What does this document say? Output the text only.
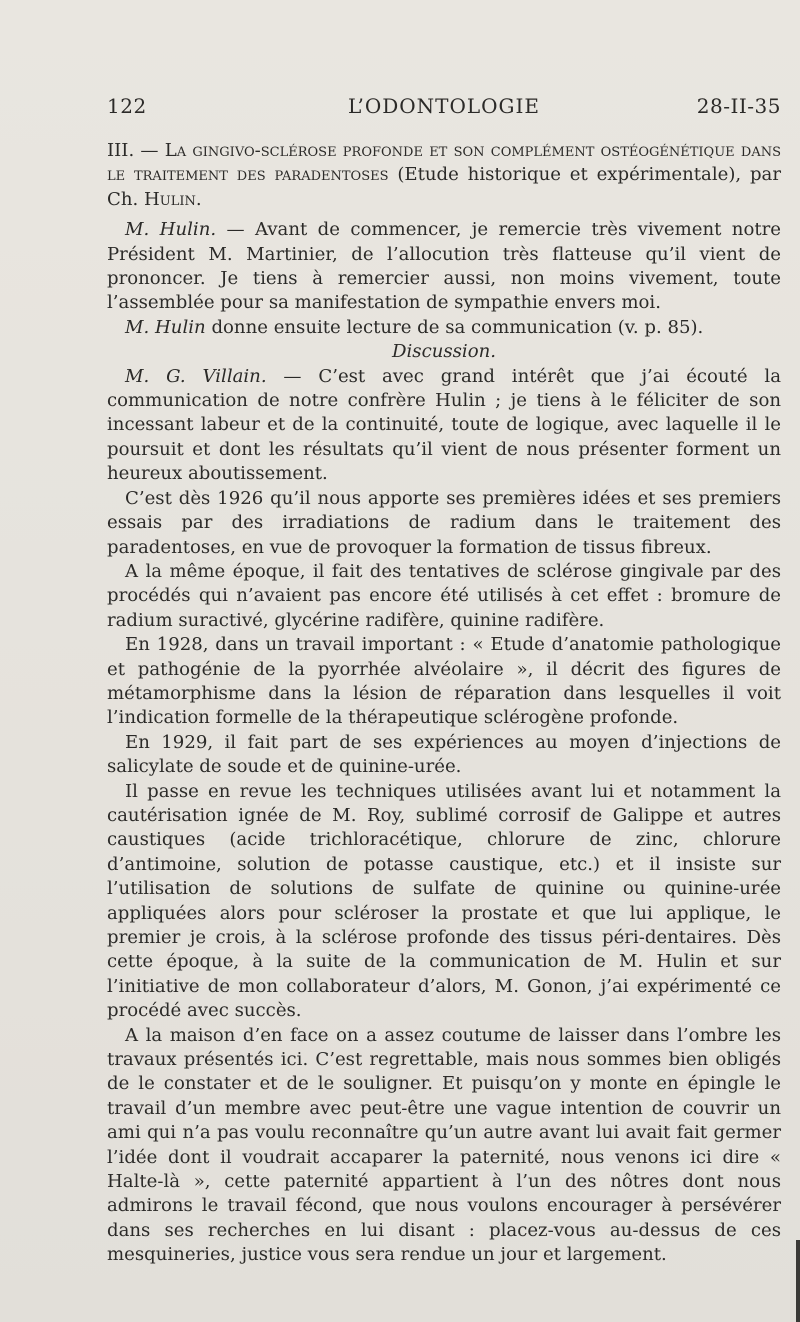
122	L’ODONTOLOGIE	28-II-35

III. — La gingivo-sclérose profonde et son complément ostéogénétique dans le traitement des paradentoses (Etude historique et expérimentale), par Ch. Hulin.

M. Hulin. — Avant de commencer, je remercie très vivement notre Président M. Martinier, de l’allocution très flatteuse qu’il vient de prononcer. Je tiens à remercier aussi, non moins vivement, toute l’assemblée pour sa manifestation de sympathie envers moi.

M. Hulin donne ensuite lecture de sa communication (v. p. 85).

Discussion.

M. G. Villain. — C’est avec grand intérêt que j’ai écouté la communication de notre confrère Hulin ; je tiens à le féliciter de son incessant labeur et de la continuité, toute de logique, avec laquelle il le poursuit et dont les résultats qu’il vient de nous présenter forment un heureux aboutissement.

C’est dès 1926 qu’il nous apporte ses premières idées et ses premiers essais par des irradiations de radium dans le traitement des paradentoses, en vue de provoquer la formation de tissus fibreux.

A la même époque, il fait des tentatives de sclérose gingivale par des procédés qui n’avaient pas encore été utilisés à cet effet : bromure de radium suractivé, glycérine radifère, quinine radifère.

En 1928, dans un travail important : « Etude d’anatomie pathologique et pathogénie de la pyorrhée alvéolaire », il décrit des figures de métamorphisme dans la lésion de réparation dans lesquelles il voit l’indication formelle de la thérapeutique sclérogène profonde.

En 1929, il fait part de ses expériences au moyen d’injections de salicylate de soude et de quinine-urée.

Il passe en revue les techniques utilisées avant lui et notamment la cautérisation ignée de M. Roy, sublimé corrosif de Galippe et autres caustiques (acide trichloracétique, chlorure de zinc, chlorure d’antimoine, solution de potasse caustique, etc.) et il insiste sur l’utilisation de solutions de sulfate de quinine ou quinine-urée appliquées alors pour scléroser la prostate et que lui applique, le premier je crois, à la sclérose profonde des tissus péri-dentaires. Dès cette époque, à la suite de la communication de M. Hulin et sur l’initiative de mon collaborateur d’alors, M. Gonon, j’ai expérimenté ce procédé avec succès.

A la maison d’en face on a assez coutume de laisser dans l’ombre les travaux présentés ici. C’est regrettable, mais nous sommes bien obligés de le constater et de le souligner. Et puisqu’on y monte en épingle le travail d’un membre avec peut-être une vague intention de couvrir un ami qui n’a pas voulu reconnaître qu’un autre avant lui avait fait germer l’idée dont il voudrait accaparer la paternité, nous venons ici dire « Halte-là », cette paternité appartient à l’un des nôtres dont nous admirons le travail fécond, que nous voulons encourager à persévérer dans ses recherches en lui disant : placez-vous au-dessus de ces mesquineries, justice vous sera rendue un jour et largement.
